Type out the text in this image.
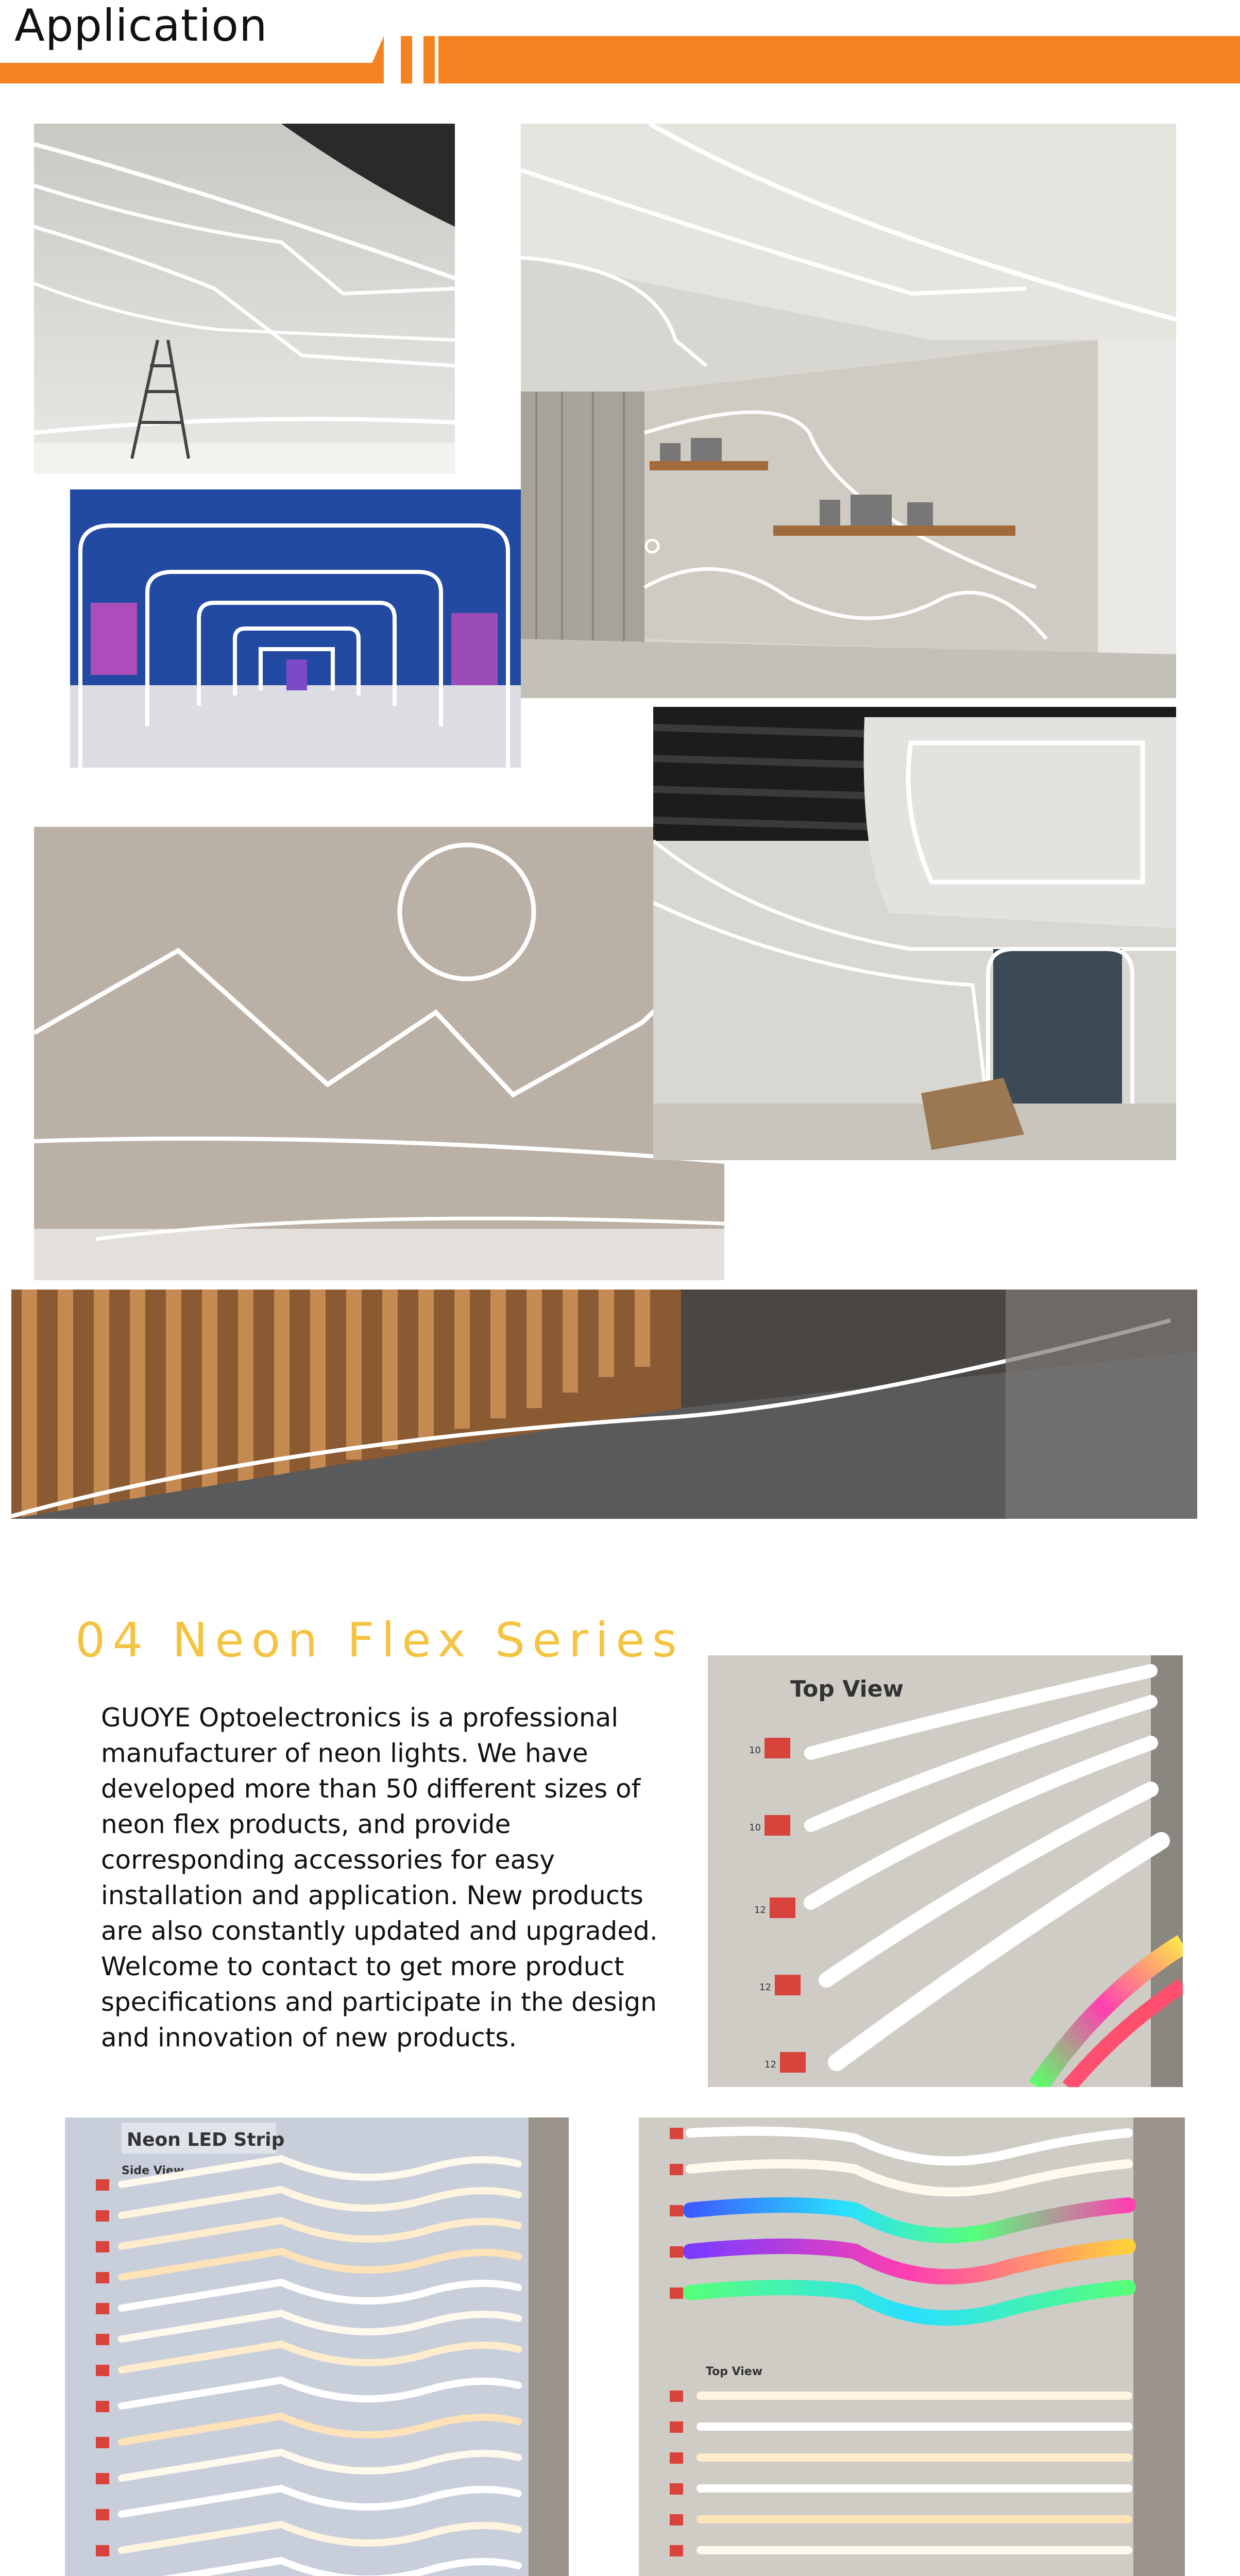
Application
04 Neon Flex Series
GUOYE Optoelectronics is a professional
manufacturer of neon lights. We have
developed more than 50 different sizes of
neon flex products, and provide
corresponding accessories for easy
installation and application. New products
are also constantly updated and upgraded.
Welcome to contact to get more product
specifications and participate in the design
and innovation of new products.
Top View
10
10
12
12
12
Neon LED Strip
Side View
Top View
